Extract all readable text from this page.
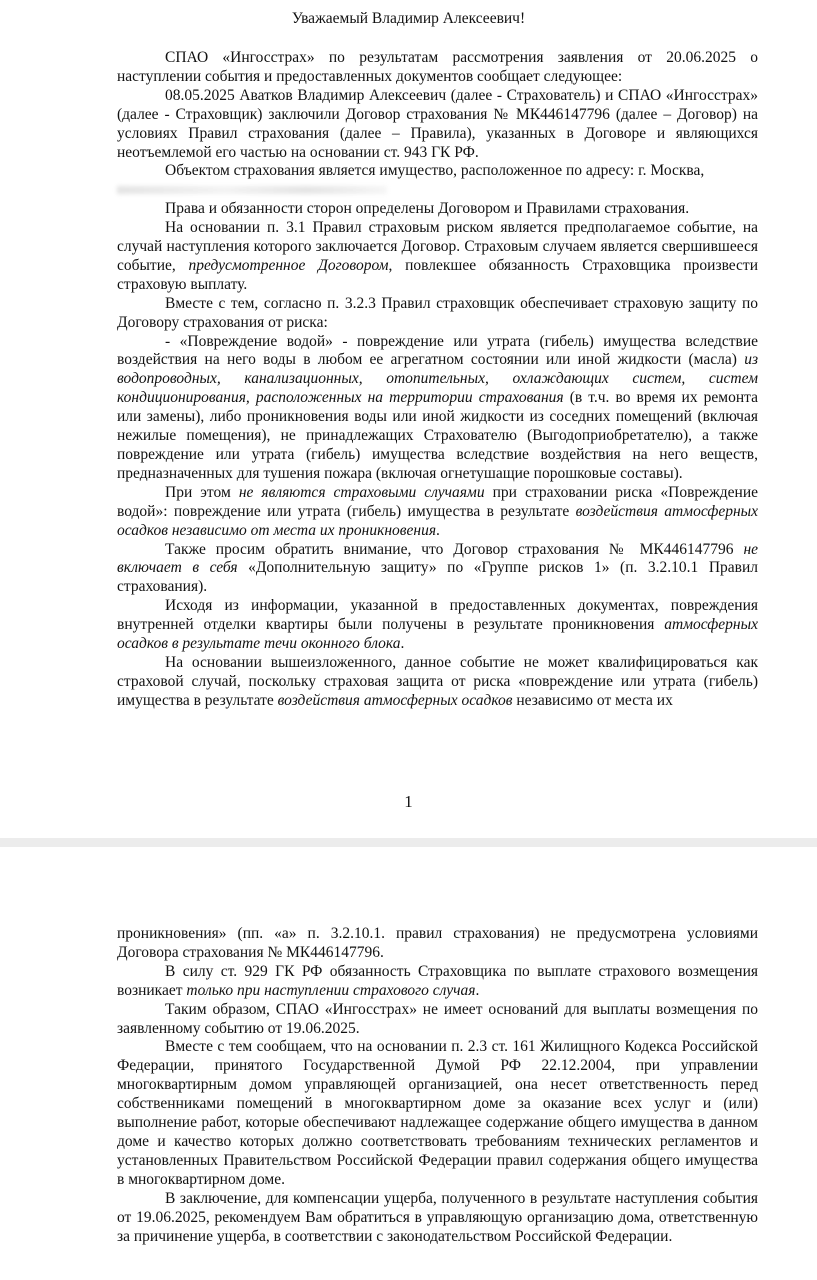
Уважаемый Владимир Алексеевич!

СПАО «Ингосстрах» по результатам рассмотрения заявления от 20.06.2025 о наступлении события и предоставленных документов сообщает следующее:

08.05.2025 Аватков Владимир Алексеевич (далее - Страхователь) и СПАО «Ингосстрах» (далее - Страховщик) заключили Договор страхования № МК446147796 (далее – Договор) на условиях Правил страхования (далее – Правила), указанных в Договоре и являющихся неотъемлемой его частью на основании ст. 943 ГК РФ.

Объектом страхования является имущество, расположенное по адресу: г. Москва,

Права и обязанности сторон определены Договором и Правилами страхования.

На основании п. 3.1 Правил страховым риском является предполагаемое событие, на случай наступления которого заключается Договор. Страховым случаем является свершившееся событие, предусмотренное Договором, повлекшее обязанность Страховщика произвести страховую выплату.

Вместе с тем, согласно п. 3.2.3 Правил страховщик обеспечивает страховую защиту по Договору страхования от риска:

- «Повреждение водой» - повреждение или утрата (гибель) имущества вследствие воздействия на него воды в любом ее агрегатном состоянии или иной жидкости (масла) из водопроводных, канализационных, отопительных, охлаждающих систем, систем кондиционирования, расположенных на территории страхования (в т.ч. во время их ремонта или замены), либо проникновения воды или иной жидкости из соседних помещений (включая нежилые помещения), не принадлежащих Страхователю (Выгодоприобретателю), а также повреждение или утрата (гибель) имущества вследствие воздействия на него веществ, предназначенных для тушения пожара (включая огнетушащие порошковые составы).

При этом не являются страховыми случаями при страховании риска «Повреждение водой»: повреждение или утрата (гибель) имущества в результате воздействия атмосферных осадков независимо от места их проникновения.

Также просим обратить внимание, что Договор страхования № МК446147796 не включает в себя «Дополнительную защиту» по «Группе рисков 1» (п. 3.2.10.1 Правил страхования).

Исходя из информации, указанной в предоставленных документах, повреждения внутренней отделки квартиры были получены в результате проникновения атмосферных осадков в результате течи оконного блока.

На основании вышеизложенного, данное событие не может квалифицироваться как страховой случай, поскольку страховая защита от риска «повреждение или утрата (гибель) имущества в результате воздействия атмосферных осадков независимо от места их

1

проникновения» (пп. «а» п. 3.2.10.1. правил страхования) не предусмотрена условиями Договора страхования № МК446147796.

В силу ст. 929 ГК РФ обязанность Страховщика по выплате страхового возмещения возникает только при наступлении страхового случая.

Таким образом, СПАО «Ингосстрах» не имеет оснований для выплаты возмещения по заявленному событию от 19.06.2025.

Вместе с тем сообщаем, что на основании п. 2.3 ст. 161 Жилищного Кодекса Российской Федерации, принятого Государственной Думой РФ 22.12.2004, при управлении многоквартирным домом управляющей организацией, она несет ответственность перед собственниками помещений в многоквартирном доме за оказание всех услуг и (или) выполнение работ, которые обеспечивают надлежащее содержание общего имущества в данном доме и качество которых должно соответствовать требованиям технических регламентов и установленных Правительством Российской Федерации правил содержания общего имущества в многоквартирном доме.

В заключение, для компенсации ущерба, полученного в результате наступления события от 19.06.2025, рекомендуем Вам обратиться в управляющую организацию дома, ответственную за причинение ущерба, в соответствии с законодательством Российской Федерации.
